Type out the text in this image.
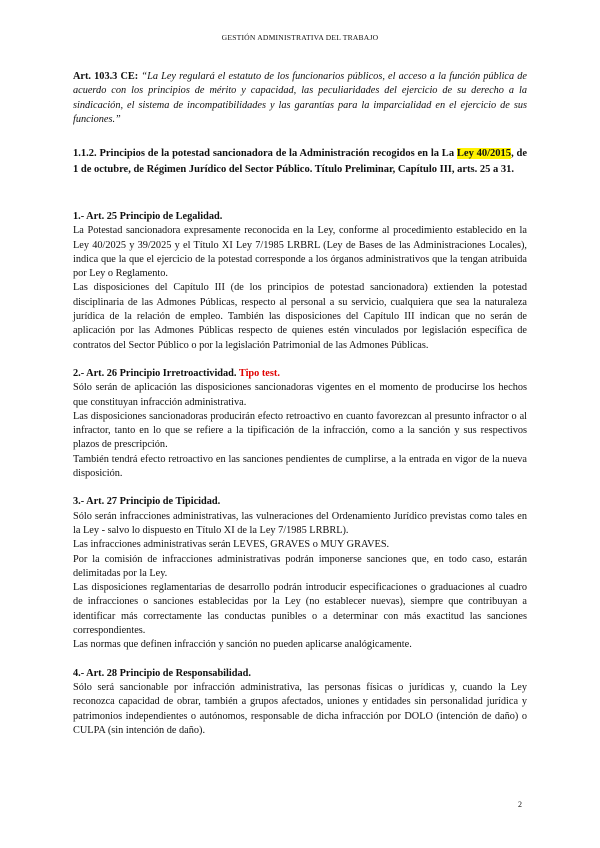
GESTIÓN ADMINISTRATIVA DEL TRABAJO
Art. 103.3 CE: “La Ley regulará el estatuto de los funcionarios públicos, el acceso a la función pública de acuerdo con los principios de mérito y capacidad, las peculiaridades del ejercicio de su derecho a la sindicación, el sistema de incompatibilidades y las garantías para la imparcialidad en el ejercicio de sus funciones.”
1.1.2. Principios de la potestad sancionadora de la Administración recogidos en la La Ley 40/2015, de 1 de octubre, de Régimen Jurídico del Sector Público. Título Preliminar, Capítulo III, arts. 25 a 31.
1.- Art. 25 Principio de Legalidad.

La Potestad sancionadora expresamente reconocida en la Ley, conforme al procedimiento establecido en la Ley 40/2025 y 39/2025 y el Título XI Ley 7/1985 LRBRL (Ley de Bases de las Administraciones Locales), indica que la que el ejercicio de la potestad corresponde a los órganos administrativos que la tengan atribuida por Ley o Reglamento.

Las disposiciones del Capítulo III (de los principios de potestad sancionadora) extienden la potestad disciplinaria de las Admones Públicas, respecto al personal a su servicio, cualquiera que sea la naturaleza jurídica de la relación de empleo. También las disposiciones del Capítulo III indican que no serán de aplicación por las Admones Públicas respecto de quienes estén vinculados por legislación específica de contratos del Sector Público o por la legislación Patrimonial de las Admones Públicas.

2.- Art. 26 Principio Irretroactividad. Tipo test.

Sólo serán de aplicación las disposiciones sancionadoras vigentes en el momento de producirse los hechos que constituyan infracción administrativa.

Las disposiciones sancionadoras producirán efecto retroactivo en cuanto favorezcan al presunto infractor o al infractor, tanto en lo que se refiere a la tipificación de la infracción, como a la sanción y sus respectivos plazos de prescripción.

También tendrá efecto retroactivo en las sanciones pendientes de cumplirse, a la entrada en vigor de la nueva disposición.

3.- Art. 27 Principio de Tipicidad.

Sólo serán infracciones administrativas, las vulneraciones del Ordenamiento Jurídico previstas como tales en la Ley - salvo lo dispuesto en Título XI de la Ley 7/1985 LRBRL).

Las infracciones administrativas serán LEVES, GRAVES o MUY GRAVES.

Por la comisión de infracciones administrativas podrán imponerse sanciones que, en todo caso, estarán delimitadas por la Ley.

Las disposiciones reglamentarias de desarrollo podrán introducir especificaciones o graduaciones al cuadro de infracciones o sanciones establecidas por la Ley (no establecer nuevas), siempre que contribuyan a identificar más correctamente las conductas punibles o a determinar con más exactitud las sanciones correspondientes.

Las normas que definen infracción y sanción no pueden aplicarse analógicamente.

4.- Art. 28 Principio de Responsabilidad.

Sólo será sancionable por infracción administrativa, las personas físicas o jurídicas y, cuando la Ley reconozca capacidad de obrar, también a grupos afectados, uniones y entidades sin personalidad jurídica y patrimonios independientes o autónomos, responsable de dicha infracción por DOLO (intención de daño) o CULPA (sin intención de daño).

2
